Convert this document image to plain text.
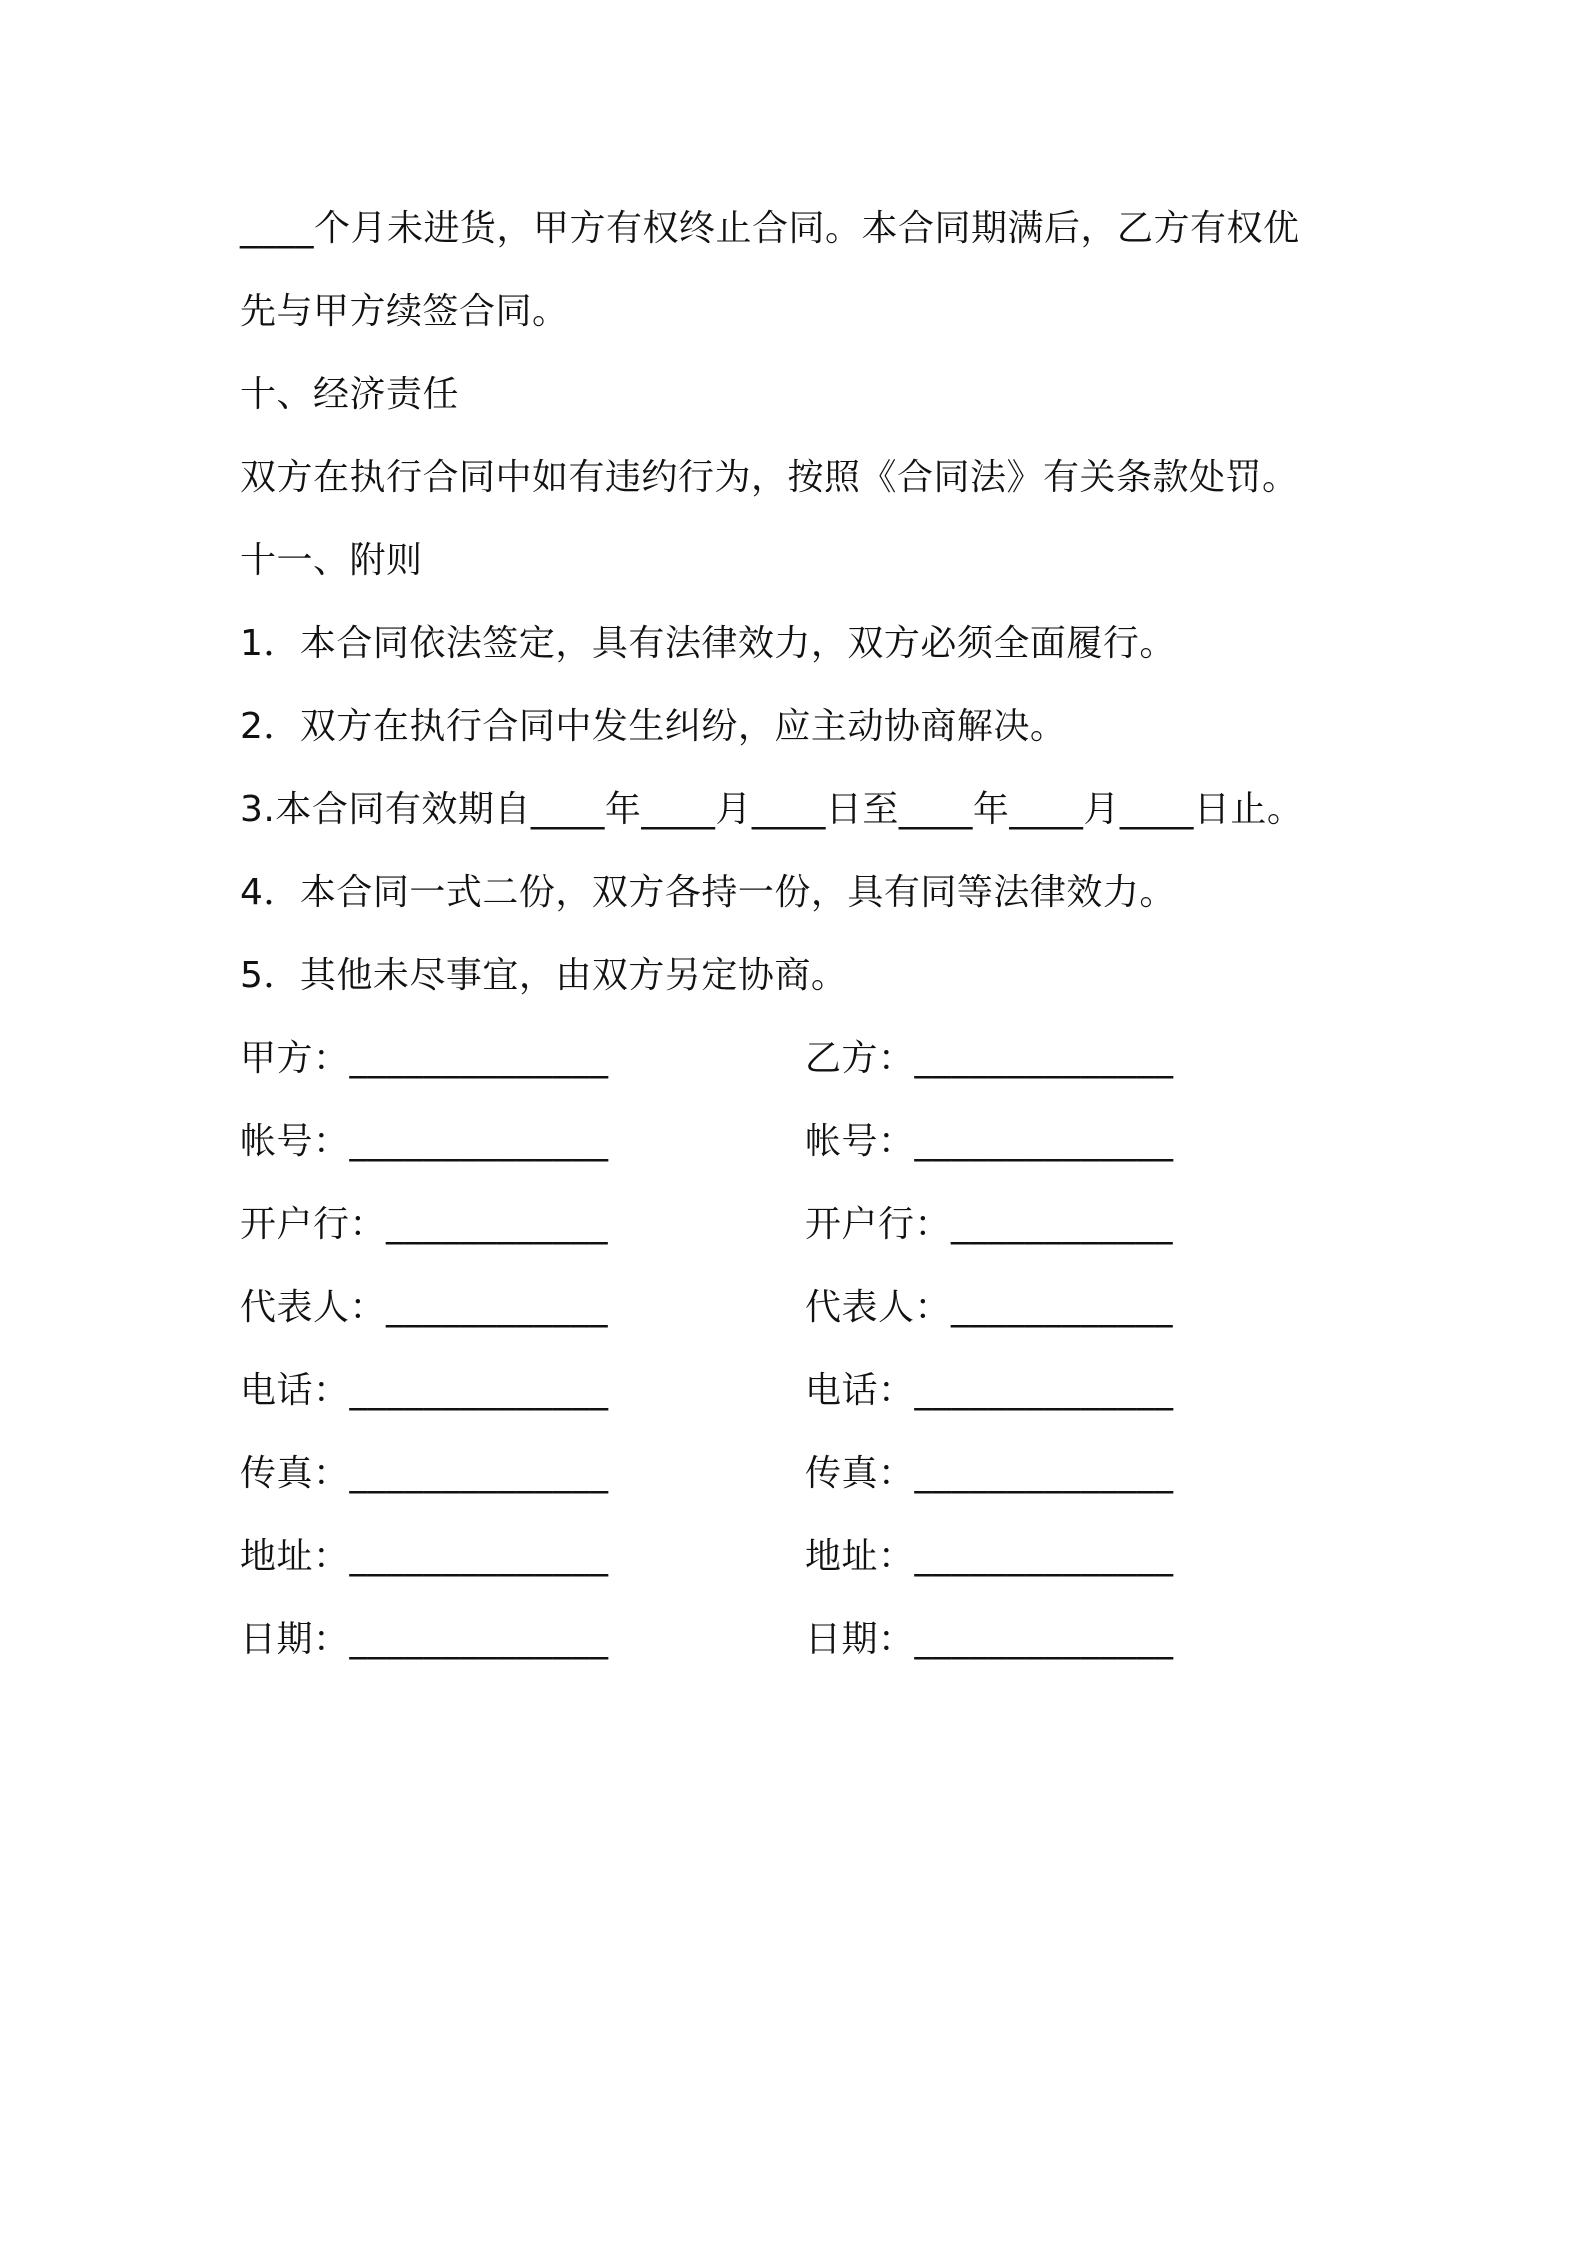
____个月未进货，甲方有权终止合同。本合同期满后，乙方有权优
先与甲方续签合同。
十、经济责任
双方在执行合同中如有违约行为，按照《合同法》有关条款处罚。
十一、附则
1．本合同依法签定，具有法律效力，双方必须全面履行。
2．双方在执行合同中发生纠纷，应主动协商解决。
3.本合同有效期自____年____月____日至____年____月____日止。
4．本合同一式二份，双方各持一份，具有同等法律效力。
5．其他未尽事宜，由双方另定协商。
甲方：______________
帐号：______________
开户行：____________
代表人：____________
电话：______________
传真：______________
地址：______________
日期：______________
乙方：______________
帐号：______________
开户行：____________
代表人：____________
电话：______________
传真：______________
地址：______________
日期：______________
